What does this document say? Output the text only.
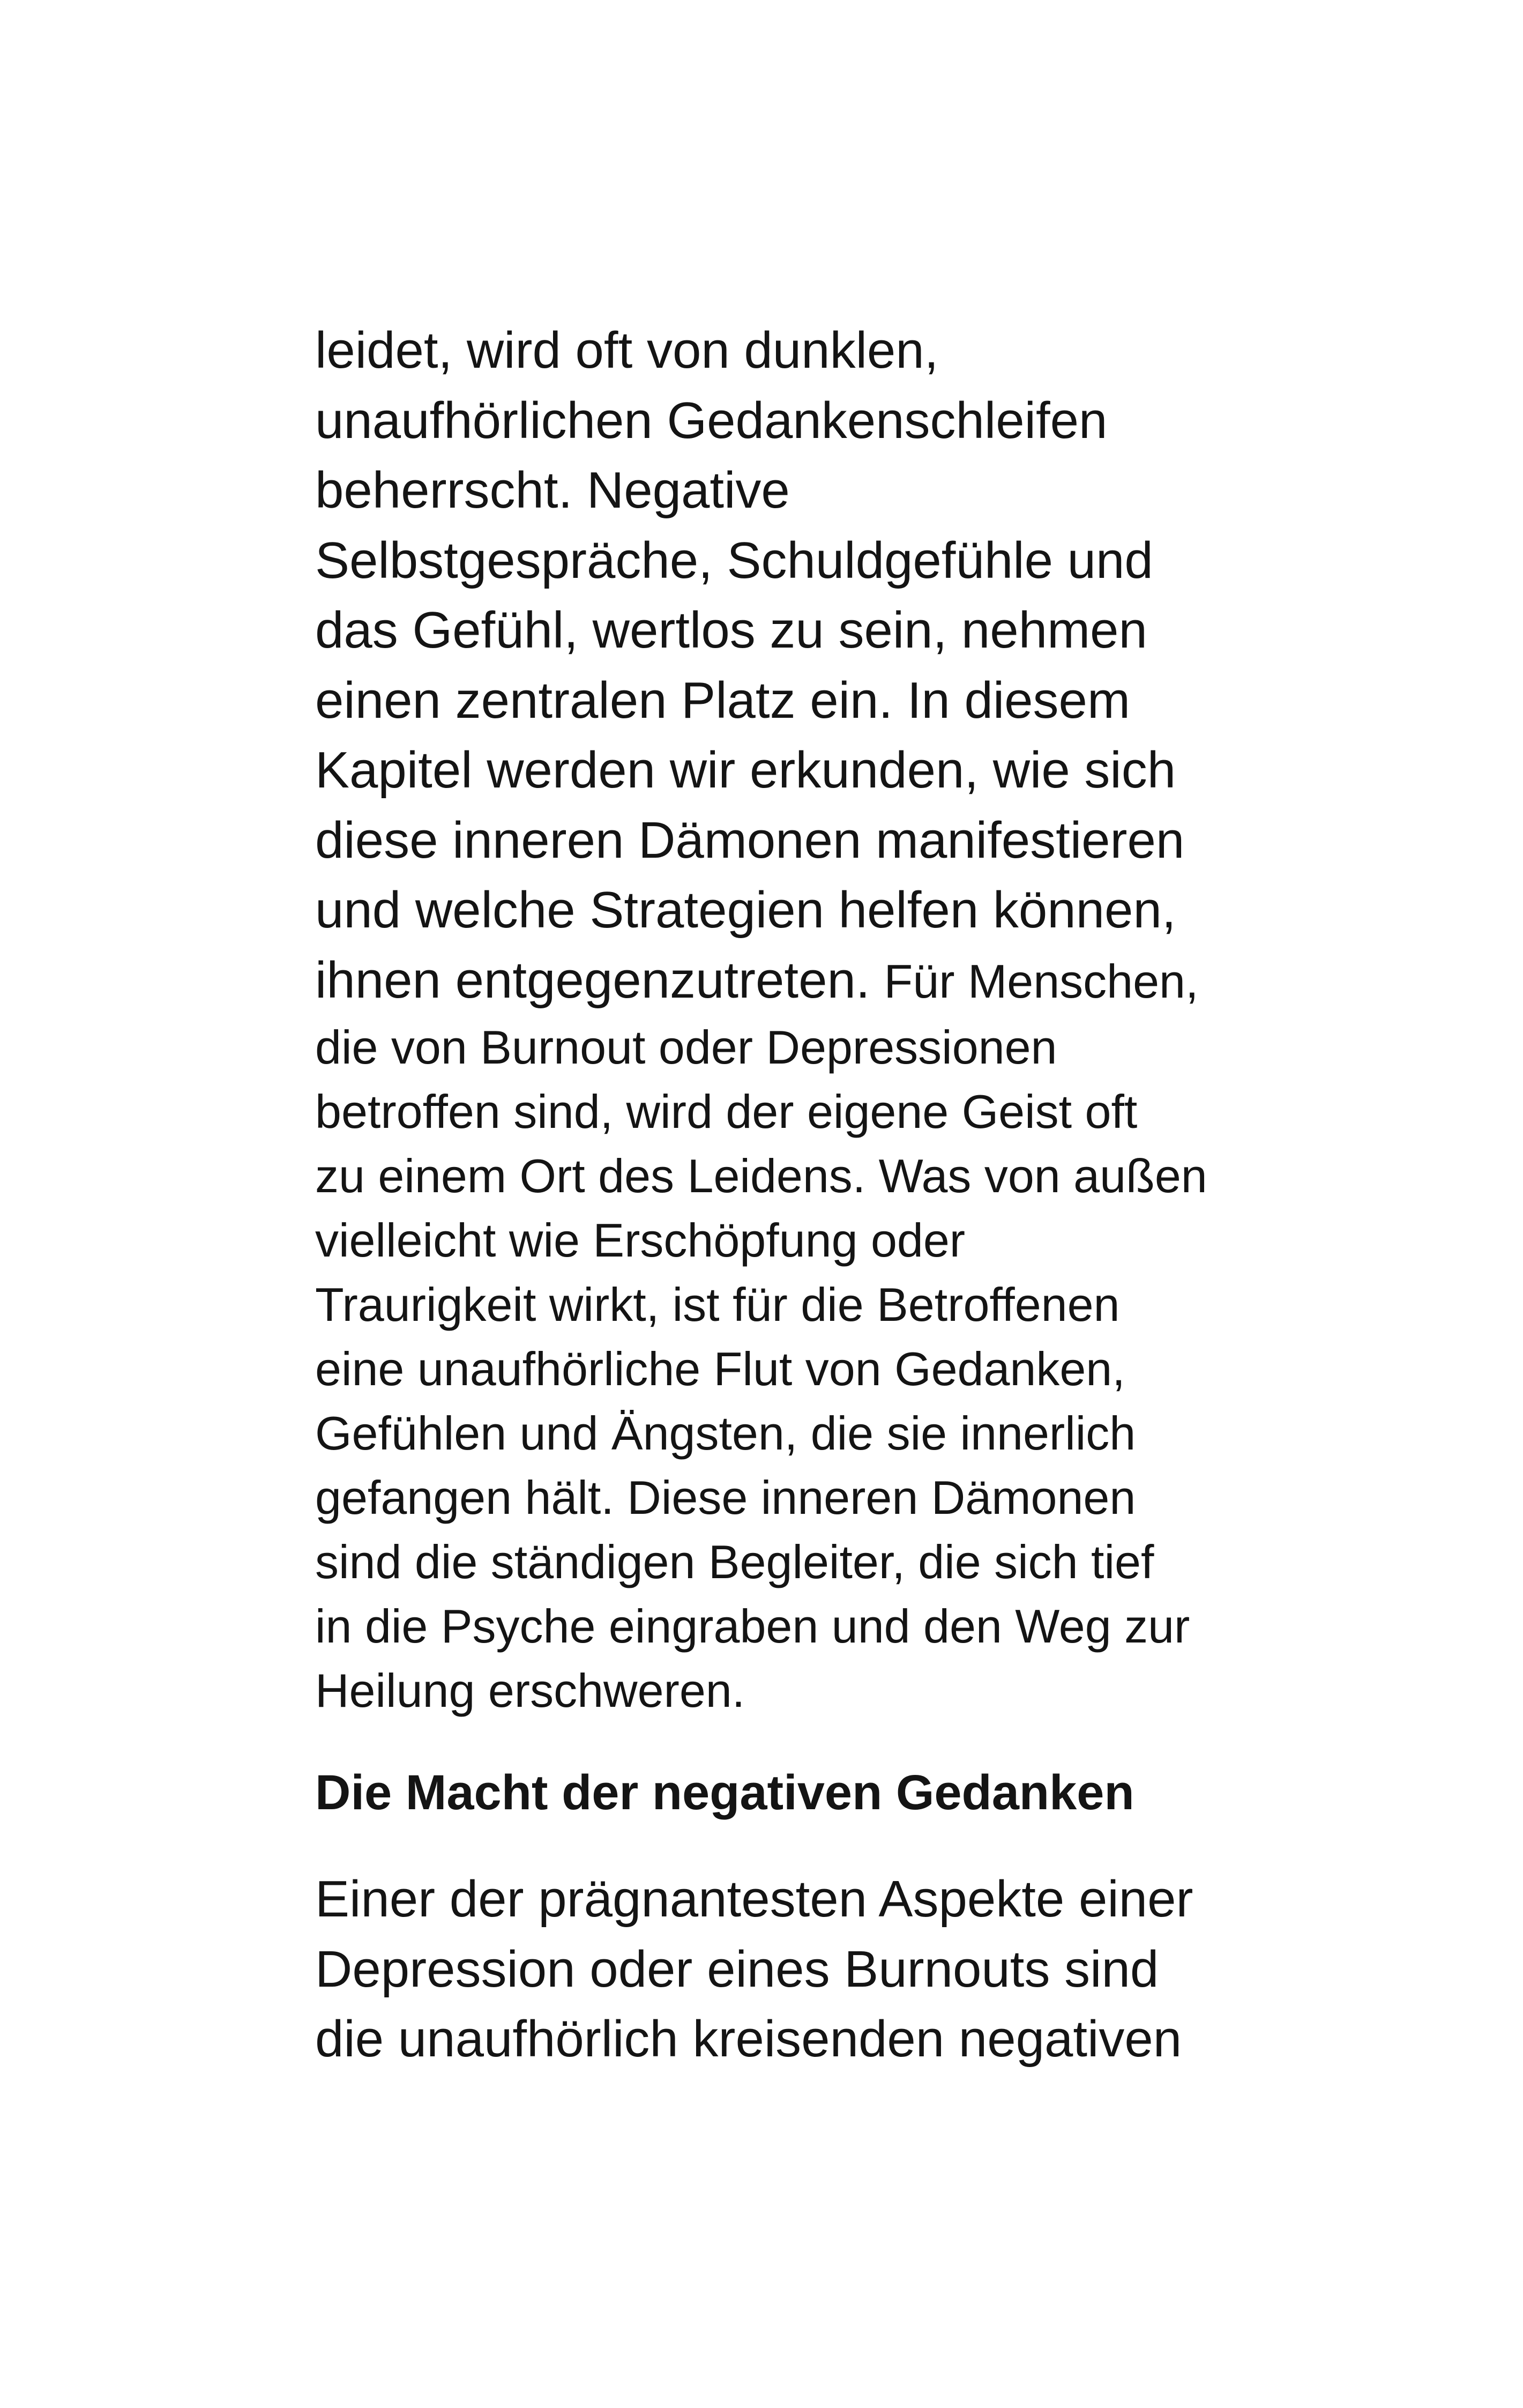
leidet, wird oft von dunklen,
unaufhörlichen Gedankenschleifen
beherrscht. Negative
Selbstgespräche, Schuldgefühle und
das Gefühl, wertlos zu sein, nehmen
einen zentralen Platz ein. In diesem
Kapitel werden wir erkunden, wie sich
diese inneren Dämonen manifestieren
und welche Strategien helfen können,
ihnen entgegenzutreten. Für Menschen,
die von Burnout oder Depressionen
betroffen sind, wird der eigene Geist oft
zu einem Ort des Leidens. Was von außen
vielleicht wie Erschöpfung oder
Traurigkeit wirkt, ist für die Betroffenen
eine unaufhörliche Flut von Gedanken,
Gefühlen und Ängsten, die sie innerlich
gefangen hält. Diese inneren Dämonen
sind die ständigen Begleiter, die sich tief
in die Psyche eingraben und den Weg zur
Heilung erschweren.
Die Macht der negativen Gedanken
Einer der prägnantesten Aspekte einer
Depression oder eines Burnouts sind
die unaufhörlich kreisenden negativen
